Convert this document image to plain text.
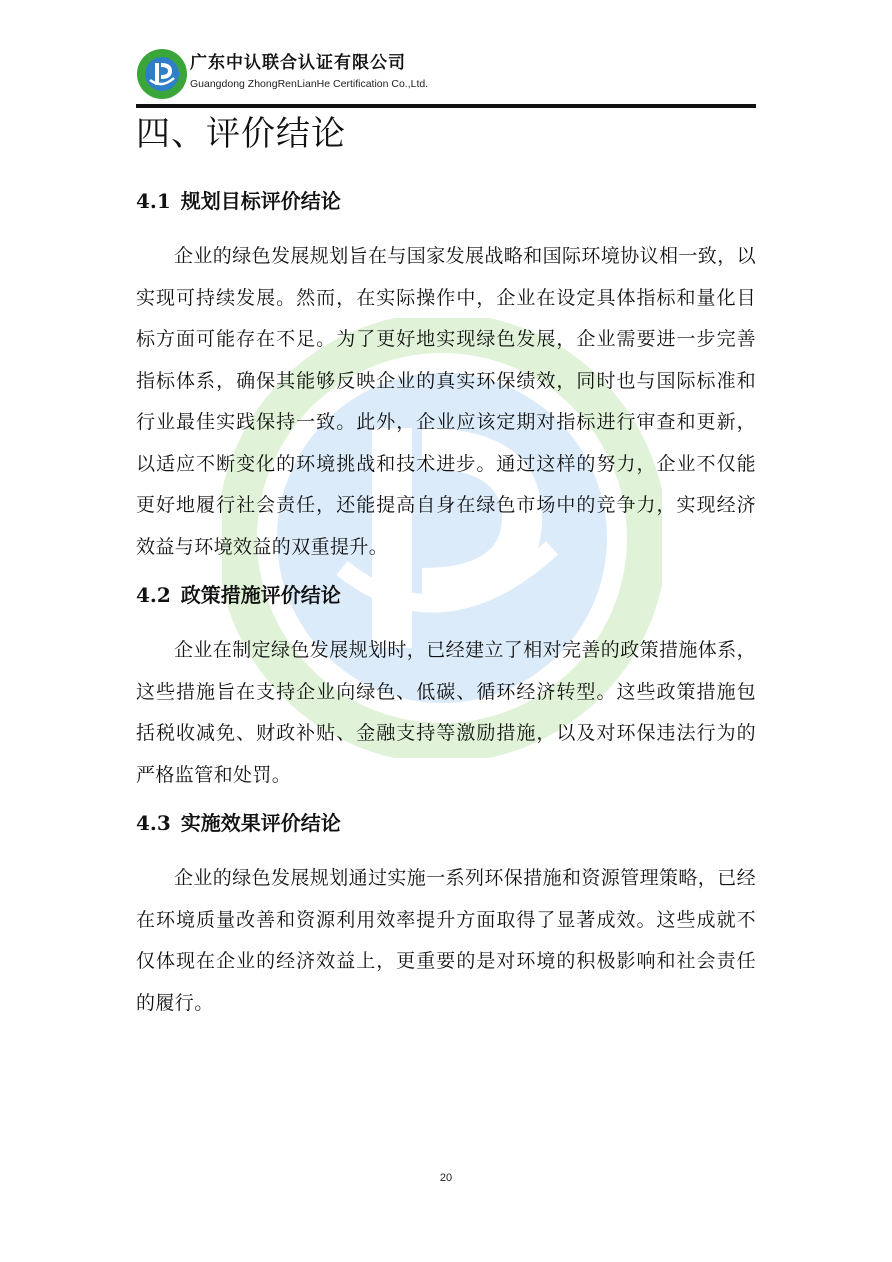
广东中认联合认证有限公司
Guangdong ZhongRenLianHe Certification Co.,Ltd.
四、评价结论
4.1 规划目标评价结论

企业的绿色发展规划旨在与国家发展战略和国际环境协议相一致，以实现可持续发展。然而，在实际操作中，企业在设定具体指标和量化目标方面可能存在不足。为了更好地实现绿色发展，企业需要进一步完善指标体系，确保其能够反映企业的真实环保绩效，同时也与国际标准和行业最佳实践保持一致。此外，企业应该定期对指标进行审查和更新，以适应不断变化的环境挑战和技术进步。通过这样的努力，企业不仅能更好地履行社会责任，还能提高自身在绿色市场中的竞争力，实现经济效益与环境效益的双重提升。

4.2 政策措施评价结论

企业在制定绿色发展规划时，已经建立了相对完善的政策措施体系，这些措施旨在支持企业向绿色、低碳、循环经济转型。这些政策措施包括税收减免、财政补贴、金融支持等激励措施，以及对环保违法行为的严格监管和处罚。

4.3 实施效果评价结论

企业的绿色发展规划通过实施一系列环保措施和资源管理策略，已经在环境质量改善和资源利用效率提升方面取得了显著成效。这些成就不仅体现在企业的经济效益上，更重要的是对环境的积极影响和社会责任的履行。

20
